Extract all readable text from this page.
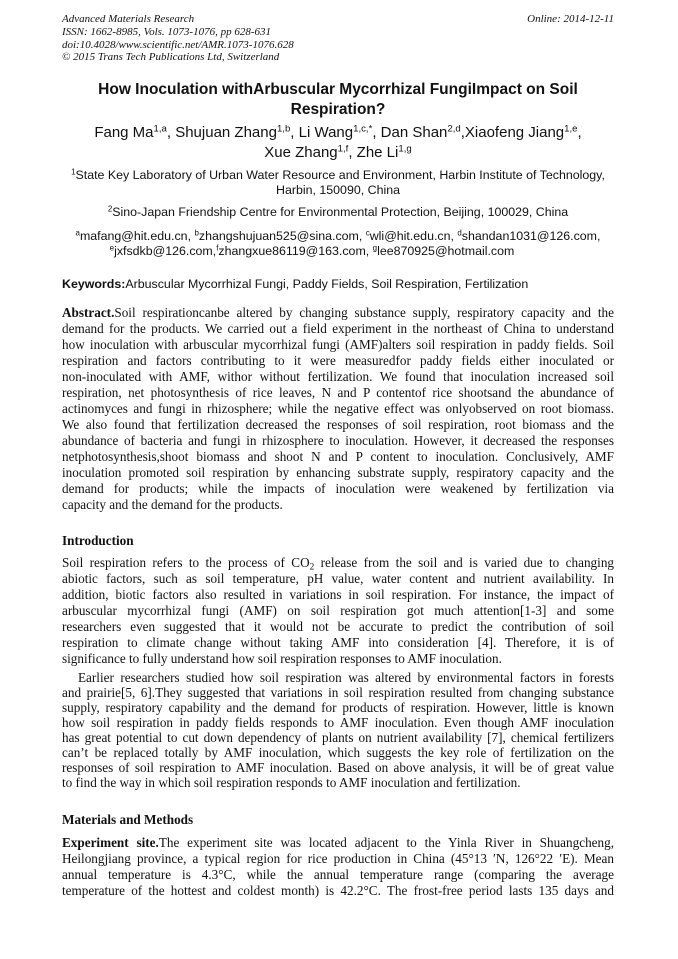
Advanced Materials Research
ISSN: 1662-8985, Vols. 1073-1076, pp 628-631
doi:10.4028/www.scientific.net/AMR.1073-1076.628
© 2015 Trans Tech Publications Ltd, Switzerland
Online: 2014-12-11
How Inoculation withArbuscular Mycorrhizal FungiImpact on Soil
Respiration?
Fang Ma$^{1,a}$, Shujuan Zhang$^{1,b}$, Li Wang$^{1,c,*}$, Dan Shan$^{2,d}$,Xiaofeng Jiang$^{1,e}$,
Xue Zhang$^{1,f}$, Zhe Li$^{1,g}$
$^1$State Key Laboratory of Urban Water Resource and Environment, Harbin Institute of Technology,
Harbin, 150090, China
$^2$Sino-Japan Friendship Centre for Environmental Protection, Beijing, 100029, China
$^a$mafang@hit.edu.cn, $^b$zhangshujuan525@sina.com, $^c$wli@hit.edu.cn, $^d$shandan1031@126.com,
$^e$jxfsdkb@126.com,$^f$zhangxue86119@163.com, $^g$lee870925@hotmail.com
Keywords:Arbuscular Mycorrhizal Fungi, Paddy Fields, Soil Respiration, Fertilization
Abstract.Soil respirationcanbe altered by changing substance supply, respiratory capacity and the
demand for the products. We carried out a field experiment in the northeast of China to understand
how inoculation with arbuscular mycorrhizal fungi (AMF)alters soil respiration in paddy fields. Soil
respiration and factors contributing to it were measuredfor paddy fields either inoculated or
non-inoculated with AMF, withor without fertilization. We found that inoculation increased soil
respiration, net photosynthesis of rice leaves, N and P contentof rice shootsand the abundance of
actinomyces and fungi in rhizosphere; while the negative effect was onlyobserved on root biomass.
We also found that fertilization decreased the responses of soil respiration, root biomass and the
abundance of bacteria and fungi in rhizosphere to inoculation. However, it decreased the responses
netphotosynthesis,shoot biomass and shoot N and P content to inoculation. Conclusively, AMF
inoculation promoted soil respiration by enhancing substrate supply, respiratory capacity and the
demand for products; while the impacts of inoculation were weakened by fertilization via
capacity and the demand for the products.
Introduction
Soil respiration refers to the process of CO2 release from the soil and is varied due to changing
abiotic factors, such as soil temperature, pH value, water content and nutrient availability. In
addition, biotic factors also resulted in variations in soil respiration. For instance, the impact of
arbuscular mycorrhizal fungi (AMF) on soil respiration got much attention[1-3] and some
researchers even suggested that it would not be accurate to predict the contribution of soil
respiration to climate change without taking AMF into consideration [4]. Therefore, it is of
significance to fully understand how soil respiration responses to AMF inoculation.
Earlier researchers studied how soil respiration was altered by environmental factors in forests
and prairie[5, 6].They suggested that variations in soil respiration resulted from changing substance
supply, respiratory capability and the demand for products of respiration. However, little is known
how soil respiration in paddy fields responds to AMF inoculation. Even though AMF inoculation
has great potential to cut down dependency of plants on nutrient availability [7], chemical fertilizers
can’t be replaced totally by AMF inoculation, which suggests the key role of fertilization on the
responses of soil respiration to AMF inoculation. Based on above analysis, it will be of great value
to find the way in which soil respiration responds to AMF inoculation and fertilization.
Materials and Methods
Experiment site.The experiment site was located adjacent to the Yinla River in Shuangcheng,
Heilongjiang province, a typical region for rice production in China (45°13 ′N, 126°22 ′E). Mean
annual temperature is 4.3°C, while the annual temperature range (comparing the average
temperature of the hottest and coldest month) is 42.2°C. The frost-free period lasts 135 days and
